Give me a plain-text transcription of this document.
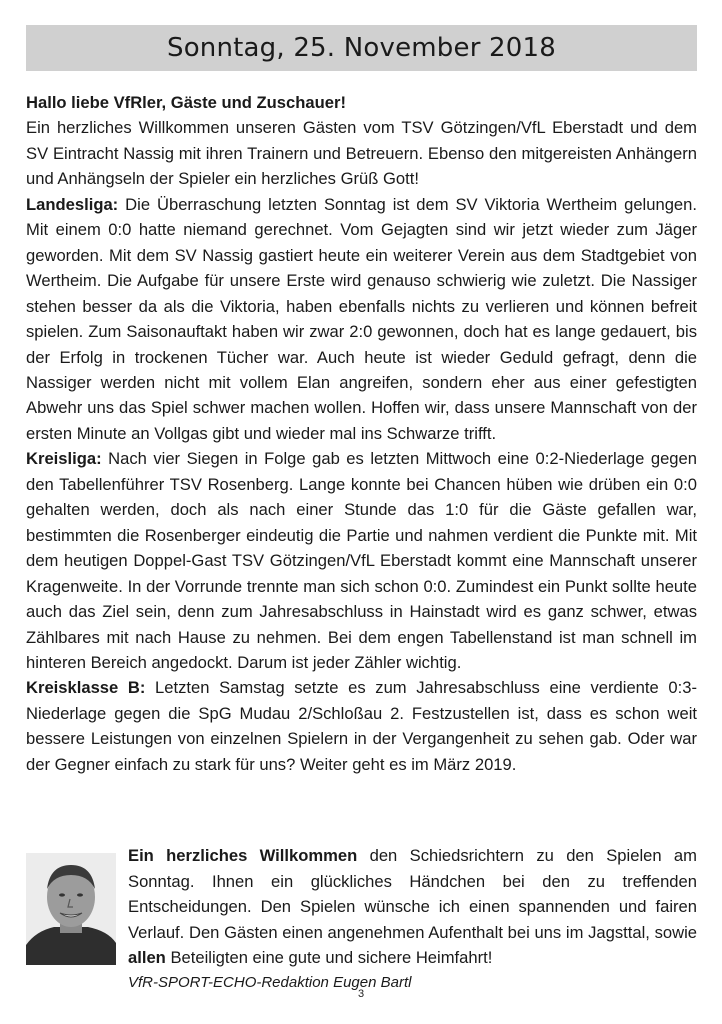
Sonntag, 25. November 2018

Hallo liebe VfRler, Gäste und Zuschauer!
Ein herzliches Willkommen unseren Gästen vom TSV Götzingen/VfL Eberstadt und dem SV Eintracht Nassig mit ihren Trainern und Betreuern. Ebenso den mitgereisten Anhängern und Anhängseln der Spieler ein herzliches Grüß Gott!

Landesliga: Die Überraschung letzten Sonntag ist dem SV Viktoria Wertheim gelungen. Mit einem 0:0 hatte niemand gerechnet. Vom Gejagten sind wir jetzt wieder zum Jäger geworden. Mit dem SV Nassig gastiert heute ein weiterer Verein aus dem Stadtgebiet von Wertheim. Die Aufgabe für unsere Erste wird genauso schwierig wie zuletzt. Die Nassiger stehen besser da als die Viktoria, haben ebenfalls nichts zu verlieren und können befreit spielen. Zum Saisonauftakt haben wir zwar 2:0 gewonnen, doch hat es lange gedauert, bis der Erfolg in trockenen Tücher war. Auch heute ist wieder Geduld gefragt, denn die Nassiger werden nicht mit vollem Elan angreifen, sondern eher aus einer gefestigten Abwehr uns das Spiel schwer machen wollen. Hoffen wir, dass unsere Mannschaft von der ersten Minute an Vollgas gibt und wieder mal ins Schwarze trifft.

Kreisliga: Nach vier Siegen in Folge gab es letzten Mittwoch eine 0:2-Niederlage gegen den Tabellenführer TSV Rosenberg. Lange konnte bei Chancen hüben wie drüben ein 0:0 gehalten werden, doch als nach einer Stunde das 1:0 für die Gäste gefallen war, bestimmten die Rosenberger eindeutig die Partie und nahmen verdient die Punkte mit. Mit dem heutigen Doppel-Gast TSV Götzingen/VfL Eberstadt kommt eine Mannschaft unserer Kragenweite. In der Vorrunde trennte man sich schon 0:0. Zumindest ein Punkt sollte heute auch das Ziel sein, denn zum Jahresabschluss in Hainstadt wird es ganz schwer, etwas Zählbares mit nach Hause zu nehmen. Bei dem engen Tabellenstand ist man schnell im hinteren Bereich angedockt. Darum ist jeder Zähler wichtig.

Kreisklasse B: Letzten Samstag setzte es zum Jahresabschluss eine verdiente 0:3-Niederlage gegen die SpG Mudau 2/Schloßau 2. Festzustellen ist, dass es schon weit bessere Leistungen von einzelnen Spielern in der Vergangenheit zu sehen gab. Oder war der Gegner einfach zu stark für uns? Weiter geht es im März 2019.

Ein herzliches Willkommen den Schiedsrichtern zu den Spielen am Sonntag. Ihnen ein glückliches Händchen bei den zu treffenden Entscheidungen. Den Spielen wünsche ich einen spannenden und fairen Verlauf. Den Gästen einen angenehmen Aufenthalt bei uns im Jagsttal, sowie allen Beteiligten eine gute und sichere Heimfahrt!

VfR-SPORT-ECHO-Redaktion Eugen Bartl
3
